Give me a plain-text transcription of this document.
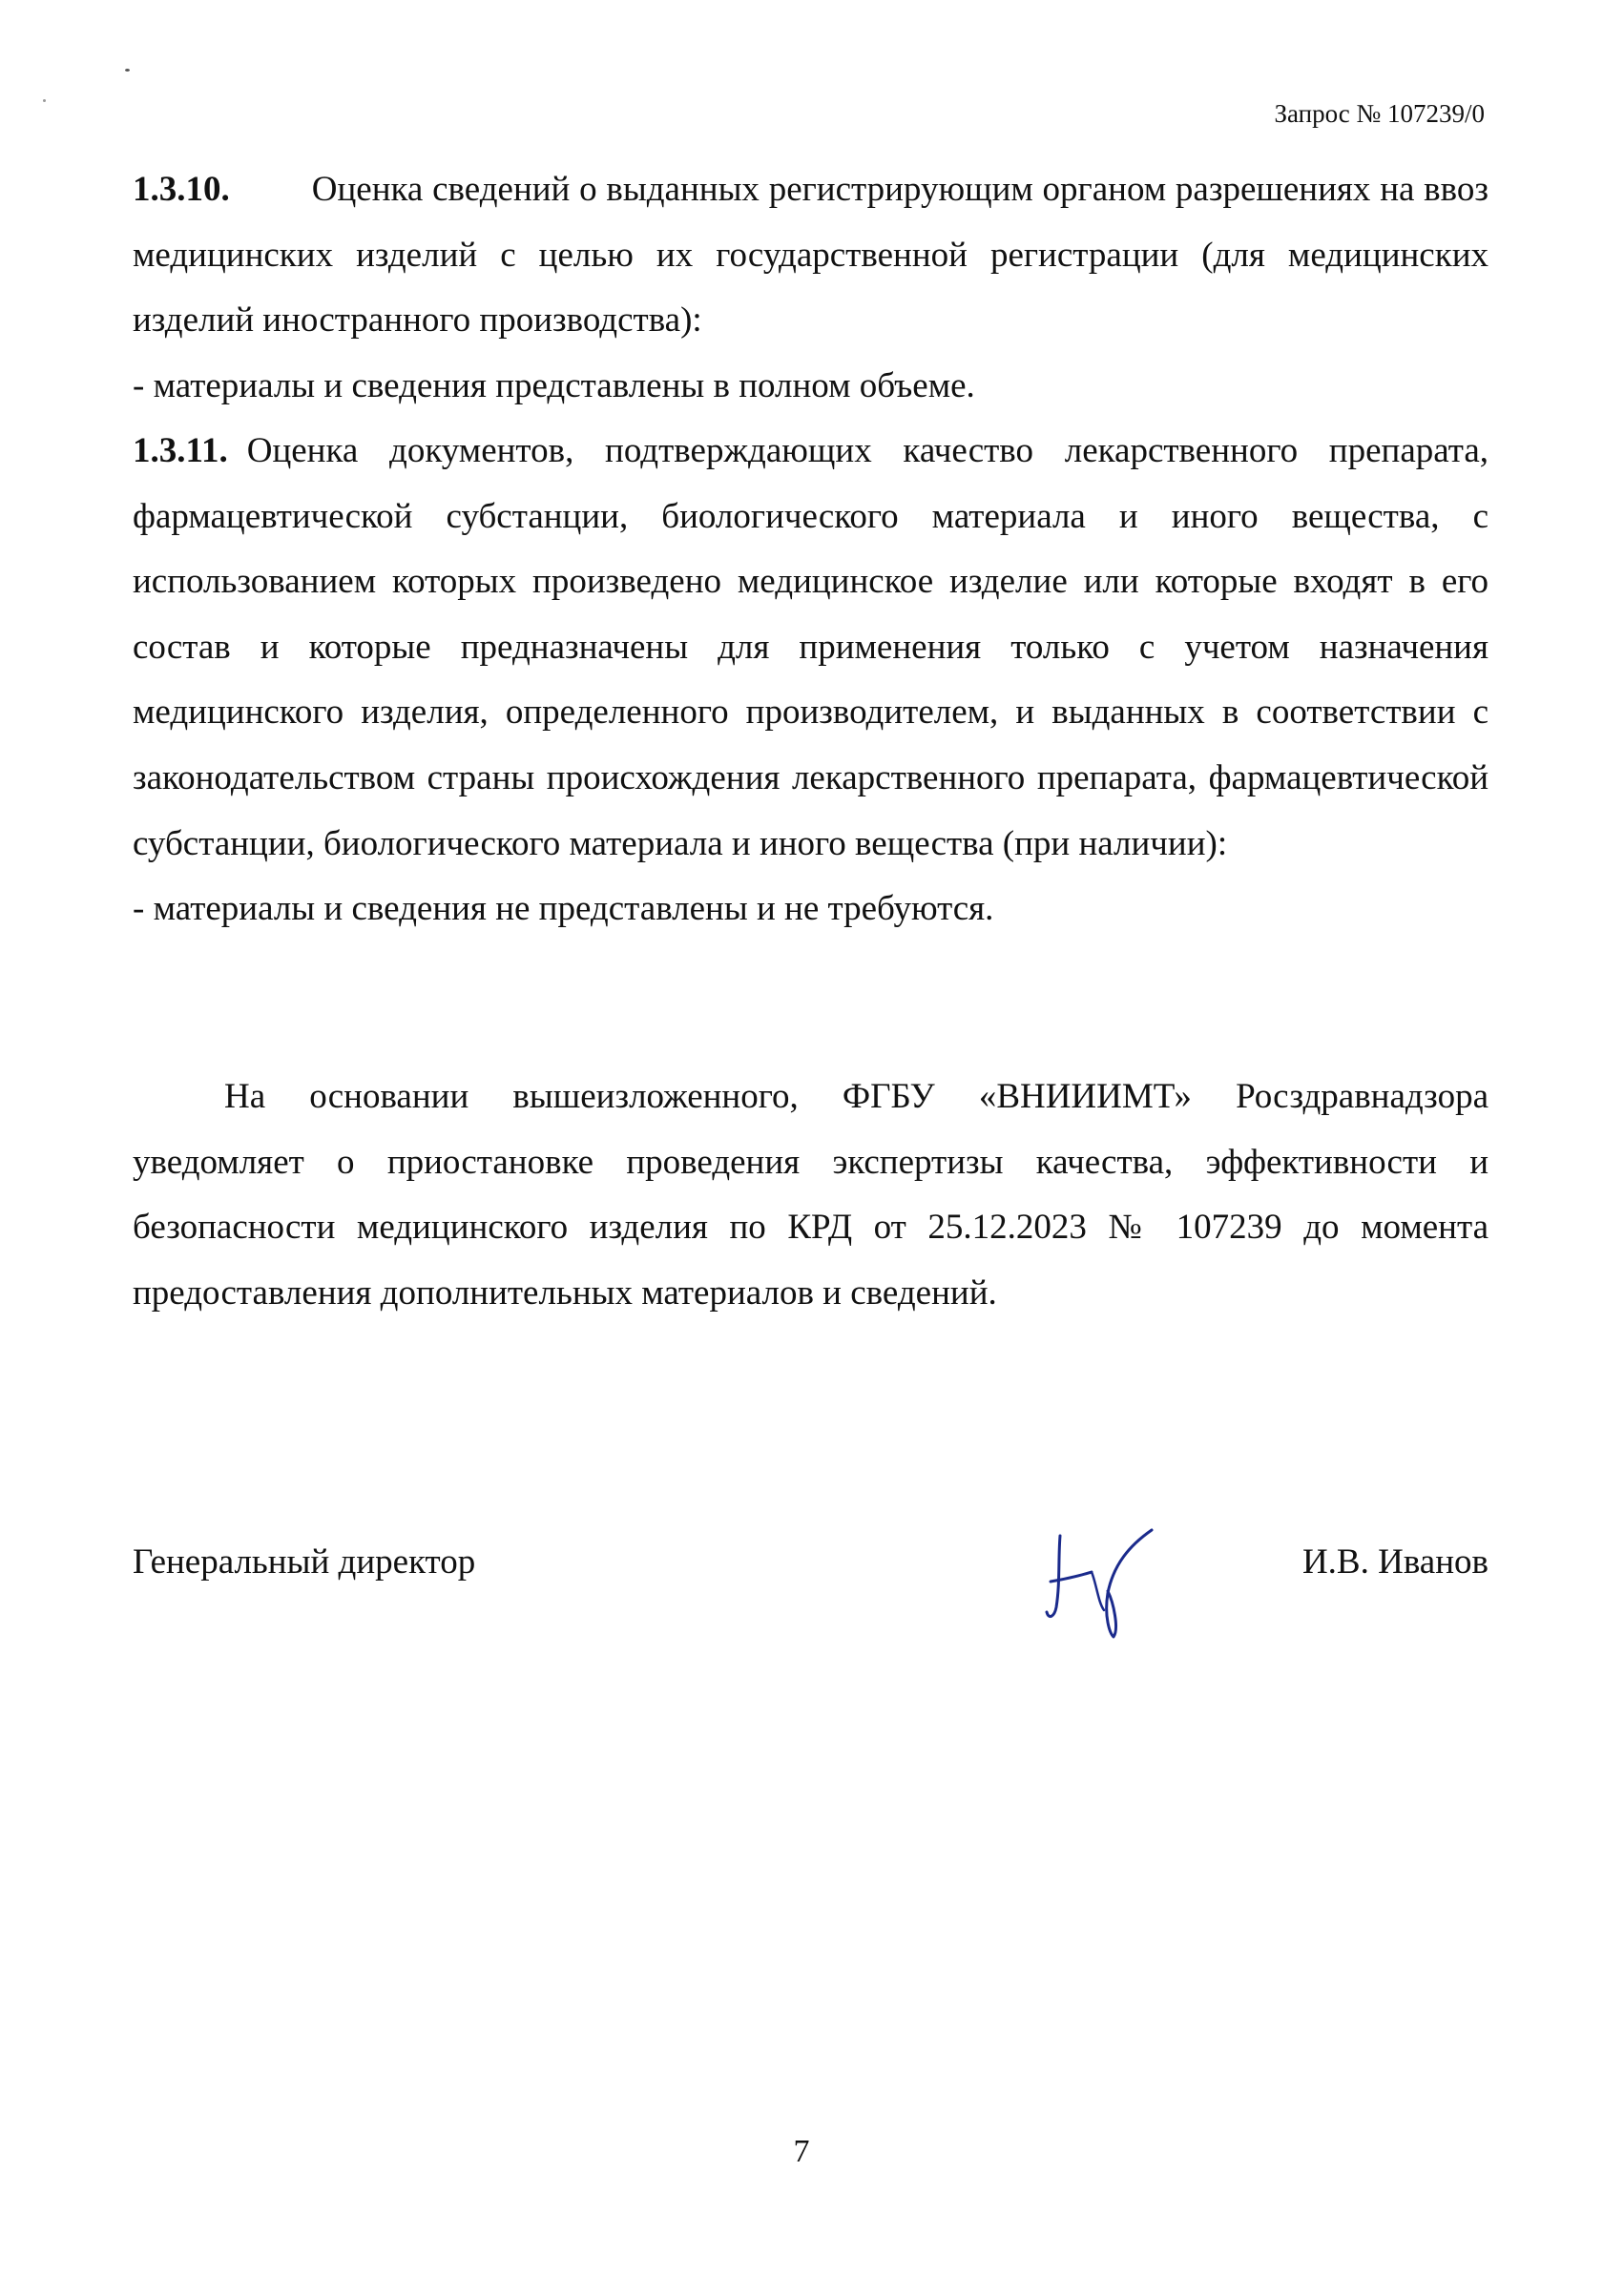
Запрос № 107239/0

1.3.10. Оценка сведений о выданных регистрирующим органом разрешениях на ввоз медицинских изделий с целью их государственной регистрации (для медицинских изделий иностранного производства):

- материалы и сведения представлены в полном объеме.

1.3.11. Оценка документов, подтверждающих качество лекарственного препарата, фармацевтической субстанции, биологического материала и иного вещества, с использованием которых произведено медицинское изделие или которые входят в его состав и которые предназначены для применения только с учетом назначения медицинского изделия, определенного производителем, и выданных в соответствии с законодательством страны происхождения лекарственного препарата, фармацевтической субстанции, биологического материала и иного вещества (при наличии):

- материалы и сведения не представлены и не требуются.

На основании вышеизложенного, ФГБУ «ВНИИИМТ» Росздравнадзора уведомляет о приостановке проведения экспертизы качества, эффективности и безопасности медицинского изделия по КРД от 25.12.2023 № 107239 до момента предоставления дополнительных материалов и сведений.

Генеральный директор	И.В. Иванов
7
